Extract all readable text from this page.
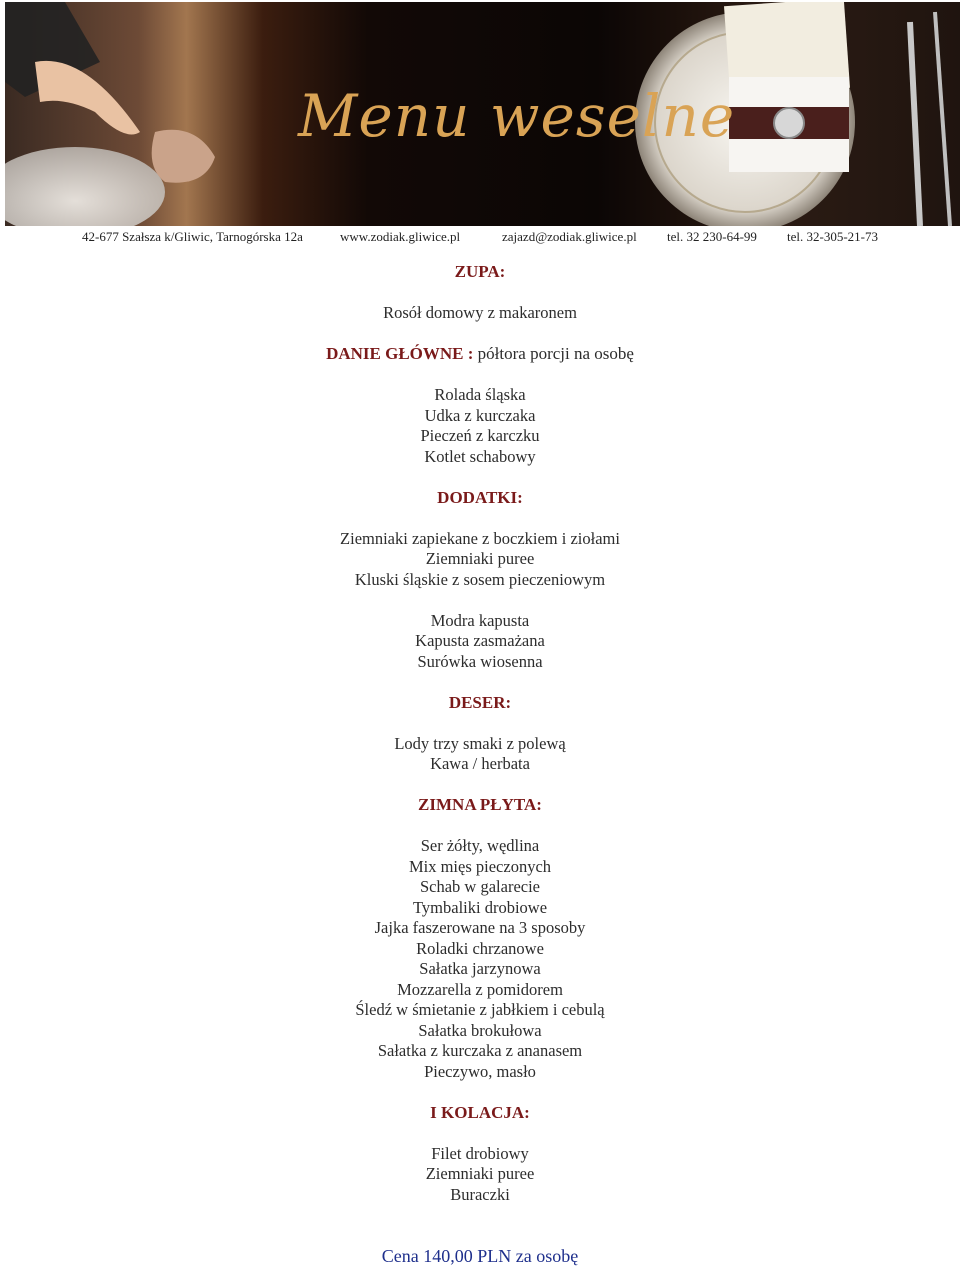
Menu weselne
42-677 Szałsza k/Gliwic, Tarnogórska 12a	www.zodiak.gliwice.pl	zajazd@zodiak.gliwice.pl tel. 32 230-64-99 tel. 32-305-21-73
ZUPA:
Rosół domowy z makaronem
DANIE GŁÓWNE : półtora porcji na osobę
Rolada śląska
Udka z kurczaka
Pieczeń z karczku
Kotlet schabowy
DODATKI:
Ziemniaki zapiekane z boczkiem i ziołami
Ziemniaki puree
Kluski śląskie z sosem pieczeniowym
Modra kapusta
Kapusta zasmażana
Surówka wiosenna
DESER:
Lody trzy smaki z polewą
Kawa / herbata
ZIMNA PŁYTA:
Ser żółty, wędlina
Mix mięs pieczonych
Schab w galarecie
Tymbaliki drobiowe
Jajka faszerowane na 3 sposoby
Roladki chrzanowe
Sałatka jarzynowa
Mozzarella z pomidorem
Śledź w śmietanie z jabłkiem i cebulą
Sałatka brokułowa
Sałatka z kurczaka z ananasem
Pieczywo, masło
I KOLACJA:
Filet drobiowy
Ziemniaki puree
Buraczki
Cena 140,00 PLN za osobę
